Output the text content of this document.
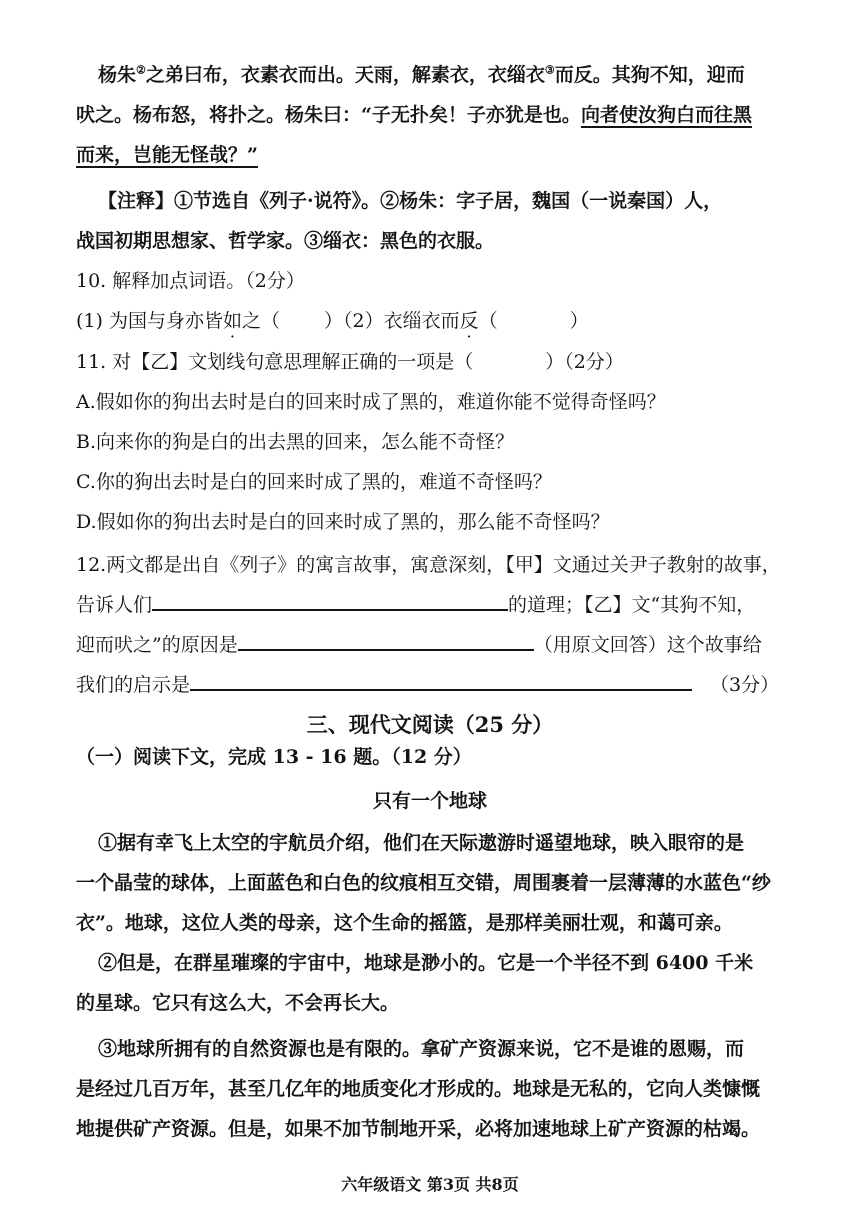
杨朱②之弟曰布，衣素衣而出。天雨，解素衣，衣缁衣③而反。其狗不知，迎而
吠之。杨布怒，将扑之。杨朱曰：“子无扑矣！子亦犹是也。向者使汝狗白而往黑
而来，岂能无怪哉？”
【注释】①节选自《列子·说符》。②杨朱：字子居，魏国（一说秦国）人，
战国初期思想家、哲学家。③缁衣：黑色的衣服。
10. 解释加点词语。（2分）
(1) 为国与身亦皆如之（ ）（2）衣缁衣而反（	）
11. 对【乙】文划线句意思理解正确的一项是（	）（2分）
A.假如你的狗出去时是白的回来时成了黑的，难道你能不觉得奇怪吗？
B.向来你的狗是白的出去黑的回来，怎么能不奇怪？
C.你的狗出去时是白的回来时成了黑的，难道不奇怪吗？
D.假如你的狗出去时是白的回来时成了黑的，那么能不奇怪吗？
12.两文都是出自《列子》的寓言故事，寓意深刻，【甲】文通过关尹子教射的故事，
告诉人们	的道理；【乙】文“其狗不知，
迎而吠之”的原因是	（用原文回答）这个故事给
我们的启示是	（3分）
三、现代文阅读（25 分）
（一）阅读下文，完成 13 - 16 题。（12 分）
只有一个地球
①据有幸飞上太空的宇航员介绍，他们在天际遨游时遥望地球，映入眼帘的是
一个晶莹的球体，上面蓝色和白色的纹痕相互交错，周围裹着一层薄薄的水蓝色“纱
衣”。地球，这位人类的母亲，这个生命的摇篮，是那样美丽壮观，和蔼可亲。
②但是，在群星璀璨的宇宙中，地球是渺小的。它是一个半径不到 6400 千米
的星球。它只有这么大，不会再长大。
③地球所拥有的自然资源也是有限的。拿矿产资源来说，它不是谁的恩赐，而
是经过几百万年，甚至几亿年的地质变化才形成的。地球是无私的，它向人类慷慨
地提供矿产资源。但是，如果不加节制地开采，必将加速地球上矿产资源的枯竭。
六年级语文 第3页 共8页
